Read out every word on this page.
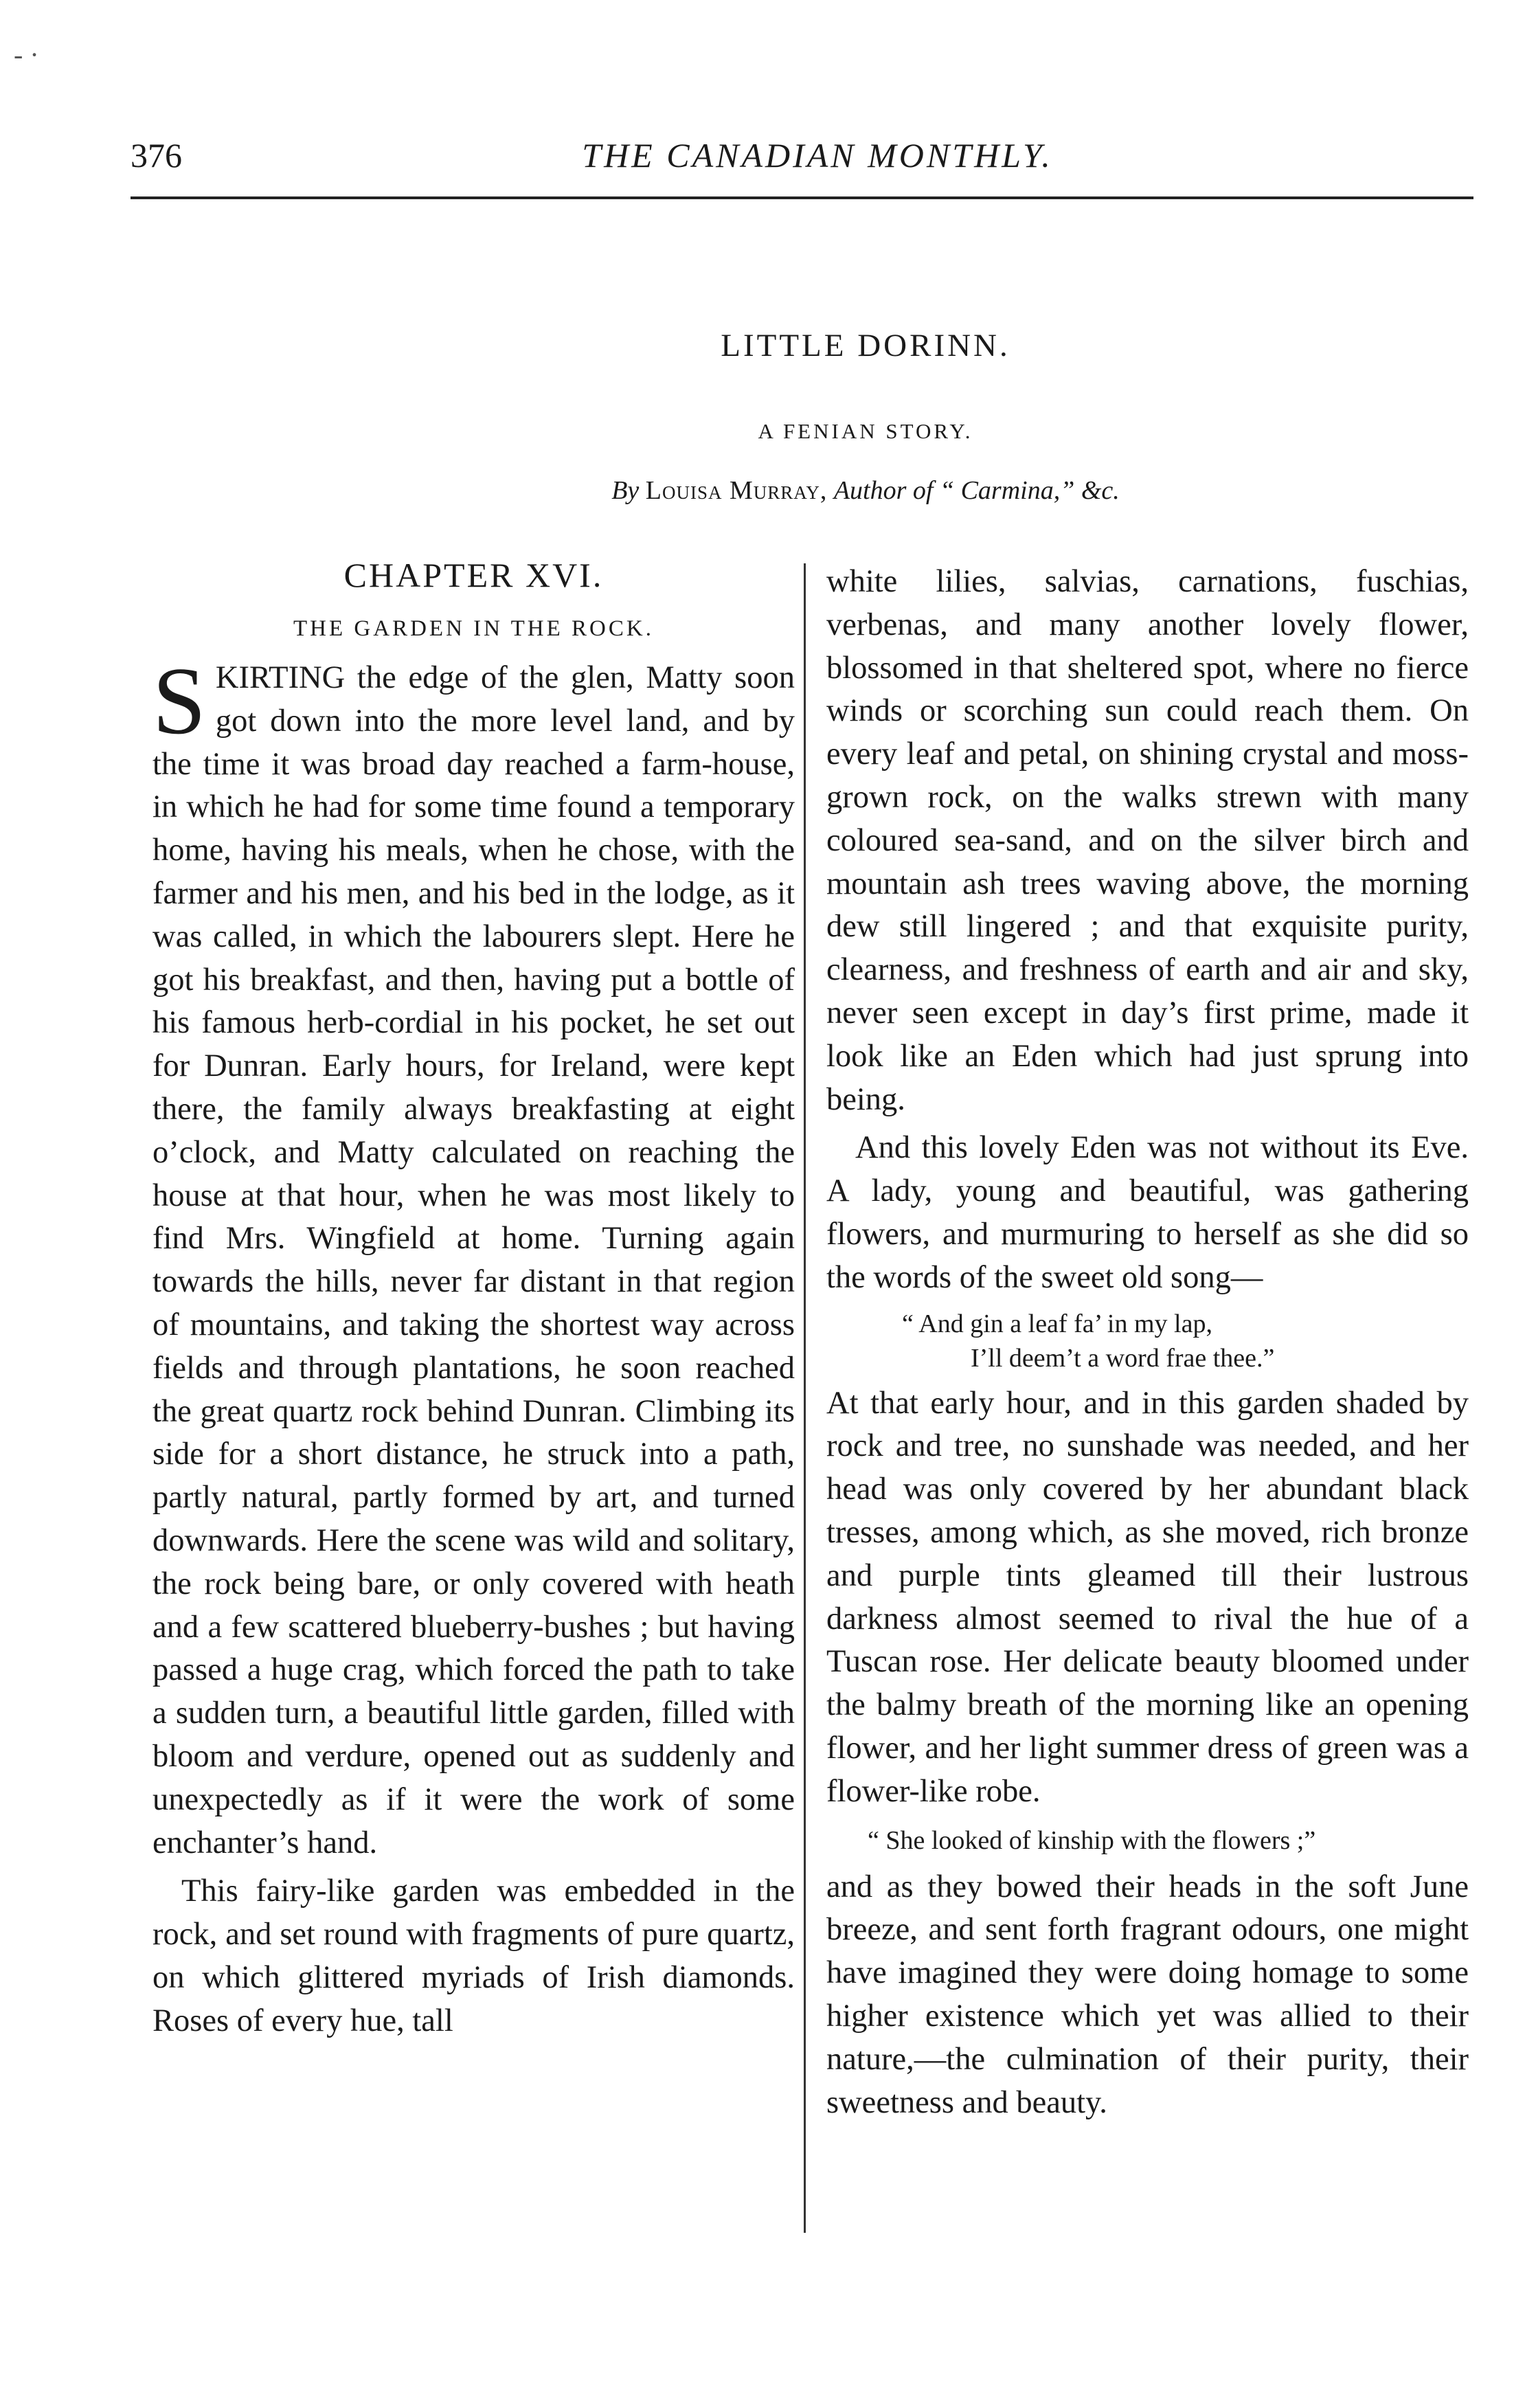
- ·
376	THE CANADIAN MONTHLY.
LITTLE DORINN.
A FENIAN STORY.
By Louisa Murray, Author of “ Carmina,” &c.
CHAPTER XVI.
THE GARDEN IN THE ROCK.

SKIRTING the edge of the glen, Matty soon got down into the more level land, and by the time it was broad day reached a farm-house, in which he had for some time found a temporary home, having his meals, when he chose, with the farmer and his men, and his bed in the lodge, as it was called, in which the labourers slept. Here he got his breakfast, and then, having put a bottle of his famous herb-cordial in his pocket, he set out for Dunran. Early hours, for Ireland, were kept there, the family always breakfasting at eight o’clock, and Matty calculated on reaching the house at that hour, when he was most likely to find Mrs. Wingfield at home. Turning again towards the hills, never far distant in that region of mountains, and taking the shortest way across fields and through plantations, he soon reached the great quartz rock behind Dunran. Climbing its side for a short distance, he struck into a path, partly natural, partly formed by art, and turned downwards. Here the scene was wild and solitary, the rock being bare, or only covered with heath and a few scattered blueberry-bushes ; but having passed a huge crag, which forced the path to take a sudden turn, a beautiful little garden, filled with bloom and verdure, opened out as suddenly and unexpectedly as if it were the work of some enchanter’s hand.

This fairy-like garden was embedded in the rock, and set round with fragments of pure quartz, on which glittered myriads of Irish diamonds. Roses of every hue, tall

white lilies, salvias, carnations, fuschias, verbenas, and many another lovely flower, blossomed in that sheltered spot, where no fierce winds or scorching sun could reach them. On every leaf and petal, on shining crystal and moss-grown rock, on the walks strewn with many coloured sea-sand, and on the silver birch and mountain ash trees waving above, the morning dew still lingered ; and that exquisite purity, clearness, and freshness of earth and air and sky, never seen except in day’s first prime, made it look like an Eden which had just sprung into being.

And this lovely Eden was not without its Eve. A lady, young and beautiful, was gathering flowers, and murmuring to herself as she did so the words of the sweet old song—

“ And gin a leaf fa’ in my lap,
I’ll deem’t a word frae thee.”

At that early hour, and in this garden shaded by rock and tree, no sunshade was needed, and her head was only covered by her abundant black tresses, among which, as she moved, rich bronze and purple tints gleamed till their lustrous darkness almost seemed to rival the hue of a Tuscan rose. Her delicate beauty bloomed under the balmy breath of the morning like an opening flower, and her light summer dress of green was a flower-like robe.

“ She looked of kinship with the flowers ;”

and as they bowed their heads in the soft June breeze, and sent forth fragrant odours, one might have imagined they were doing homage to some higher existence which yet was allied to their nature,—the culmination of their purity, their sweetness and beauty.
